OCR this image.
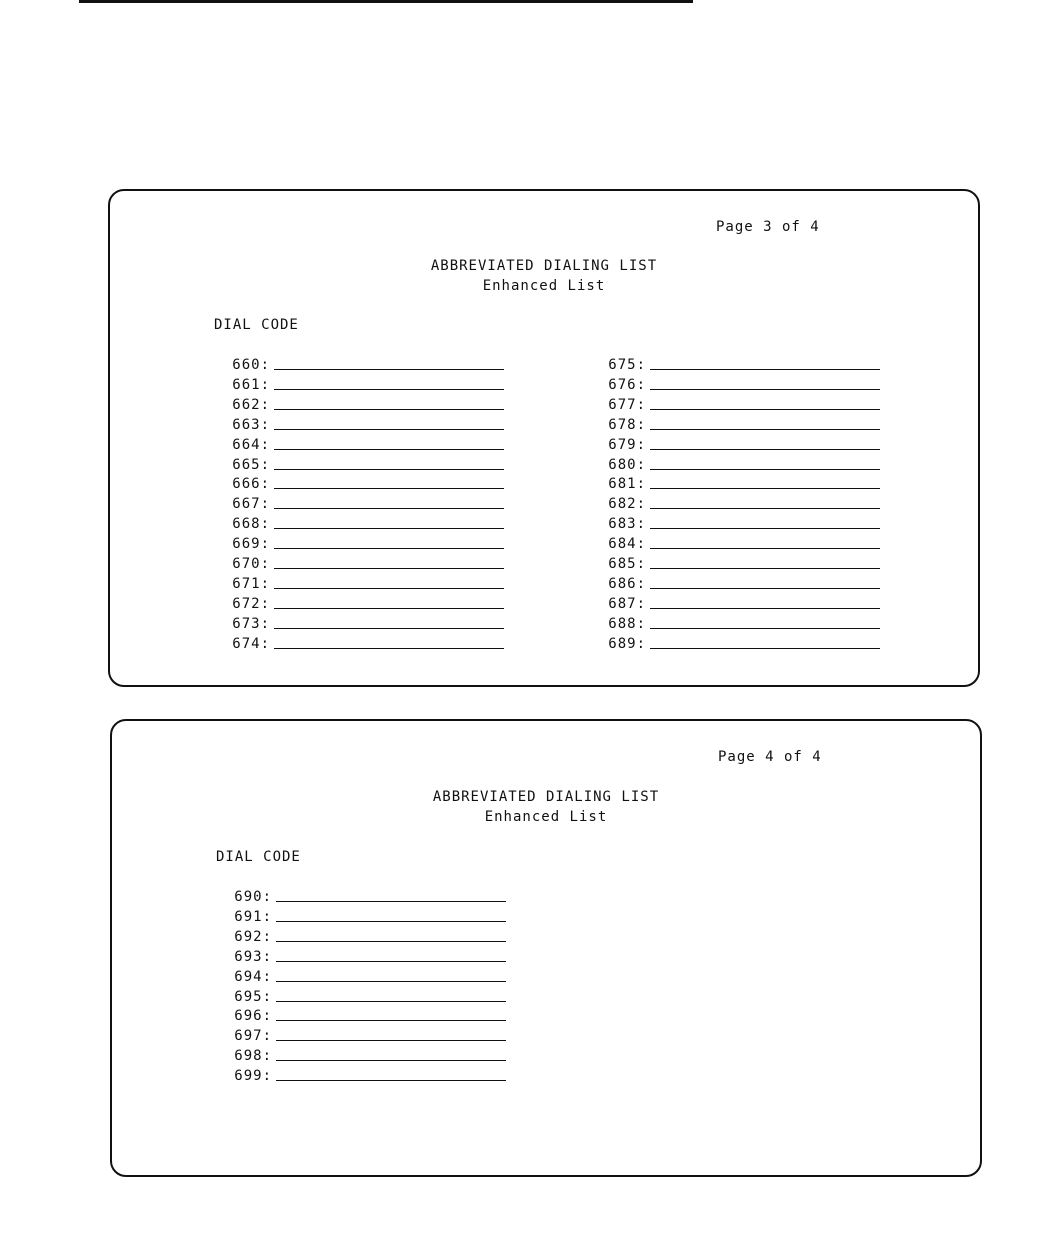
Page 3 of 4
ABBREVIATED DIALING LIST
Enhanced List
DIAL CODE
660:
661:
662:
663:
664:
665:
666:
667:
668:
669:
670:
671:
672:
673:
674:
675:
676:
677:
678:
679:
680:
681:
682:
683:
684:
685:
686:
687:
688:
689:
Page 4 of 4
ABBREVIATED DIALING LIST
Enhanced List
DIAL CODE
690:
691:
692:
693:
694:
695:
696:
697:
698:
699:
